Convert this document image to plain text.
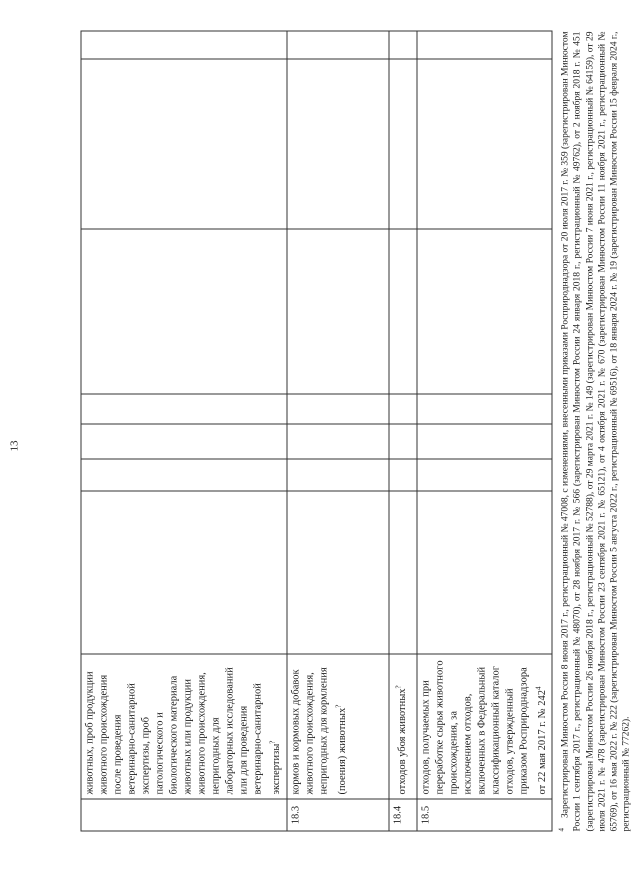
13
	животных, проб продукции животного происхождения после проведения ветеринарно-санитарной экспертизы, проб патологического и биологического материала животных или продукции животного происхождения, непригодных для лабораторных исследований или для проведения ветеринарно-санитарной экспертизы?							
18.3	кормов и кормовых добавок животного происхождения, непригодных для кормления (поения) животных?							
18.4	отходов убоя животных?							
18.5	отходов, получаемых при переработке сырья животного происхождения, за исключением отходов, включенных в Федеральный классификационный каталог отходов, утвержденный приказом Росприроднадзора от 22 мая 2017 г. № $242^4$							
$^4$Зарегистрирован Минюстом России 8 июня 2017 г., регистрационный № 47008, с изменениями, внесенными приказами Росприроднадзора от 20 июля 2017 г. № 359 (зарегистрирован Минюстом России 1 сентября 2017 г., регистрационный № 48070), от 28 ноября 2017 г. № 566 (зарегистрирован Минюстом России 24 января 2018 г., регистрационный № 49762), от 2 ноября 2018 г. № 451 (зарегистрирован Минюстом России 26 ноября 2018 г., регистрационный № 52788), от 29 марта 2021 г. № 149 (зарегистрирован Минюстом России 7 июня 2021 г., регистрационный № 64159), от 29 июля 2021 г. № 478 (зарегистрирован Минюстом России 23 сентября 2021 г. № 65121), от 4 октября 2021 г. № 670 (зарегистрирован Минюстом России 11 ноября 2021 г., регистрационный № 65769), от 16 мая 2022 г. № 222 (зарегистрирован Минюстом России 5 августа 2022 г., регистрационный № 69516), от 18 января 2024 г. № 19 (зарегистрирован Минюстом России 15 февраля 2024 г., регистрационный № 77262).
